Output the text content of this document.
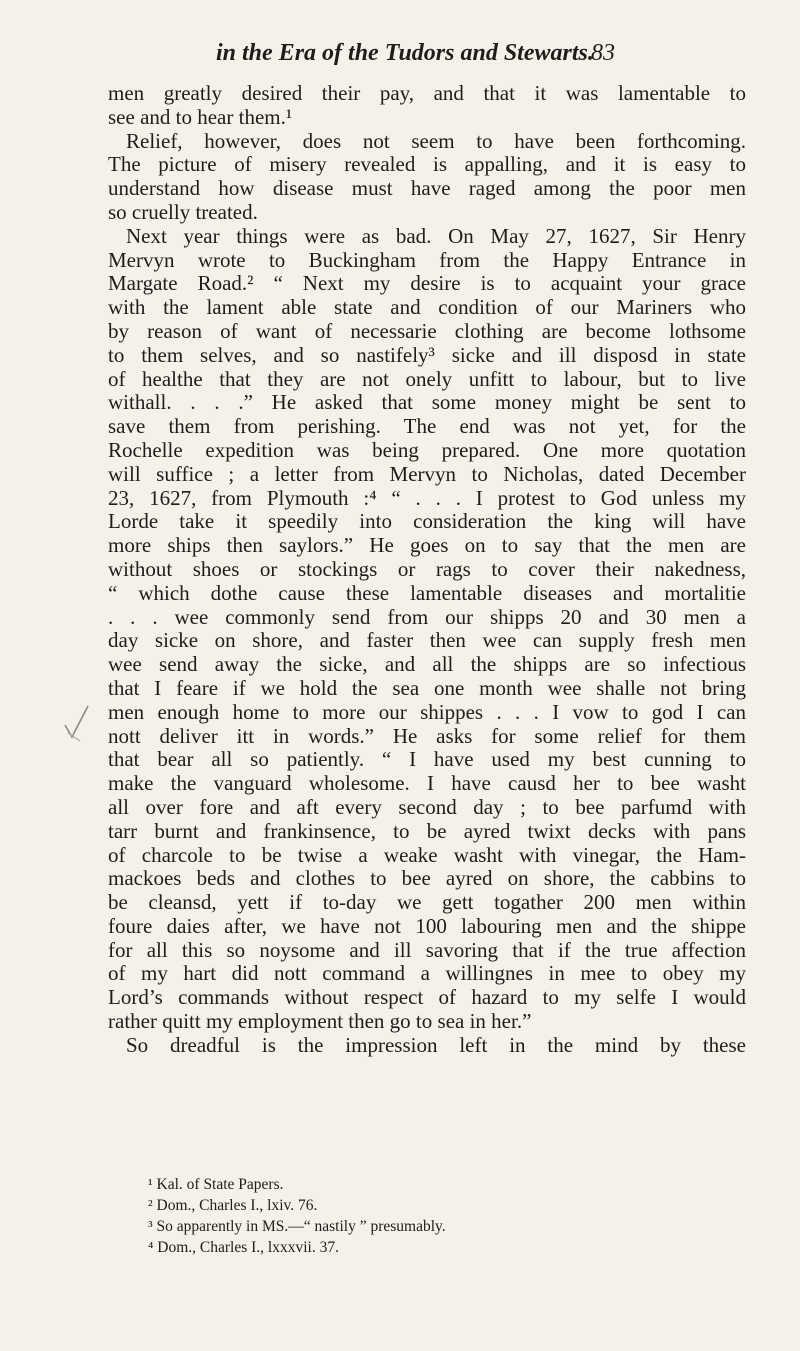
in the Era of the Tudors and Stewarts.
83
men greatly desired their pay, and that it was lamentable to
see and to hear them.¹
Relief, however, does not seem to have been forthcoming.
The picture of misery revealed is appalling, and it is easy to
understand how disease must have raged among the poor men
so cruelly treated.
Next year things were as bad. On May 27, 1627, Sir Henry
Mervyn wrote to Buckingham from the Happy Entrance in
Margate Road.² “ Next my desire is to acquaint your grace
with the lament able state and condition of our Mariners who
by reason of want of necessarie clothing are become lothsome
to them selves, and so nastifely³ sicke and ill disposd in state
of healthe that they are not onely unfitt to labour, but to live
withall. . . .” He asked that some money might be sent to
save them from perishing. The end was not yet, for the
Rochelle expedition was being prepared. One more quotation
will suffice ; a letter from Mervyn to Nicholas, dated December
23, 1627, from Plymouth :⁴ “ . . . I protest to God unless my
Lorde take it speedily into consideration the king will have
more ships then saylors.” He goes on to say that the men are
without shoes or stockings or rags to cover their nakedness,
“ which dothe cause these lamentable diseases and mortalitie
. . . wee commonly send from our shipps 20 and 30 men a
day sicke on shore, and faster then wee can supply fresh men
wee send away the sicke, and all the shipps are so infectious
that I feare if we hold the sea one month wee shalle not bring
men enough home to more our shippes . . . I vow to god I can
nott deliver itt in words.” He asks for some relief for them
that bear all so patiently. “ I have used my best cunning to
make the vanguard wholesome. I have causd her to bee washt
all over fore and aft every second day ; to bee parfumd with
tarr burnt and frankinsence, to be ayred twixt decks with pans
of charcole to be twise a weake washt with vinegar, the Ham-
mackoes beds and clothes to bee ayred on shore, the cabbins to
be cleansd, yett if to-day we gett togather 200 men within
foure daies after, we have not 100 labouring men and the shippe
for all this so noysome and ill savoring that if the true affection
of my hart did nott command a willingnes in mee to obey my
Lord’s commands without respect of hazard to my selfe I would
rather quitt my employment then go to sea in her.”
So dreadful is the impression left in the mind by these
¹ Kal. of State Papers.
² Dom., Charles I., lxiv. 76.
³ So apparently in MS.—“ nastily ” presumably.
⁴ Dom., Charles I., lxxxvii. 37.
